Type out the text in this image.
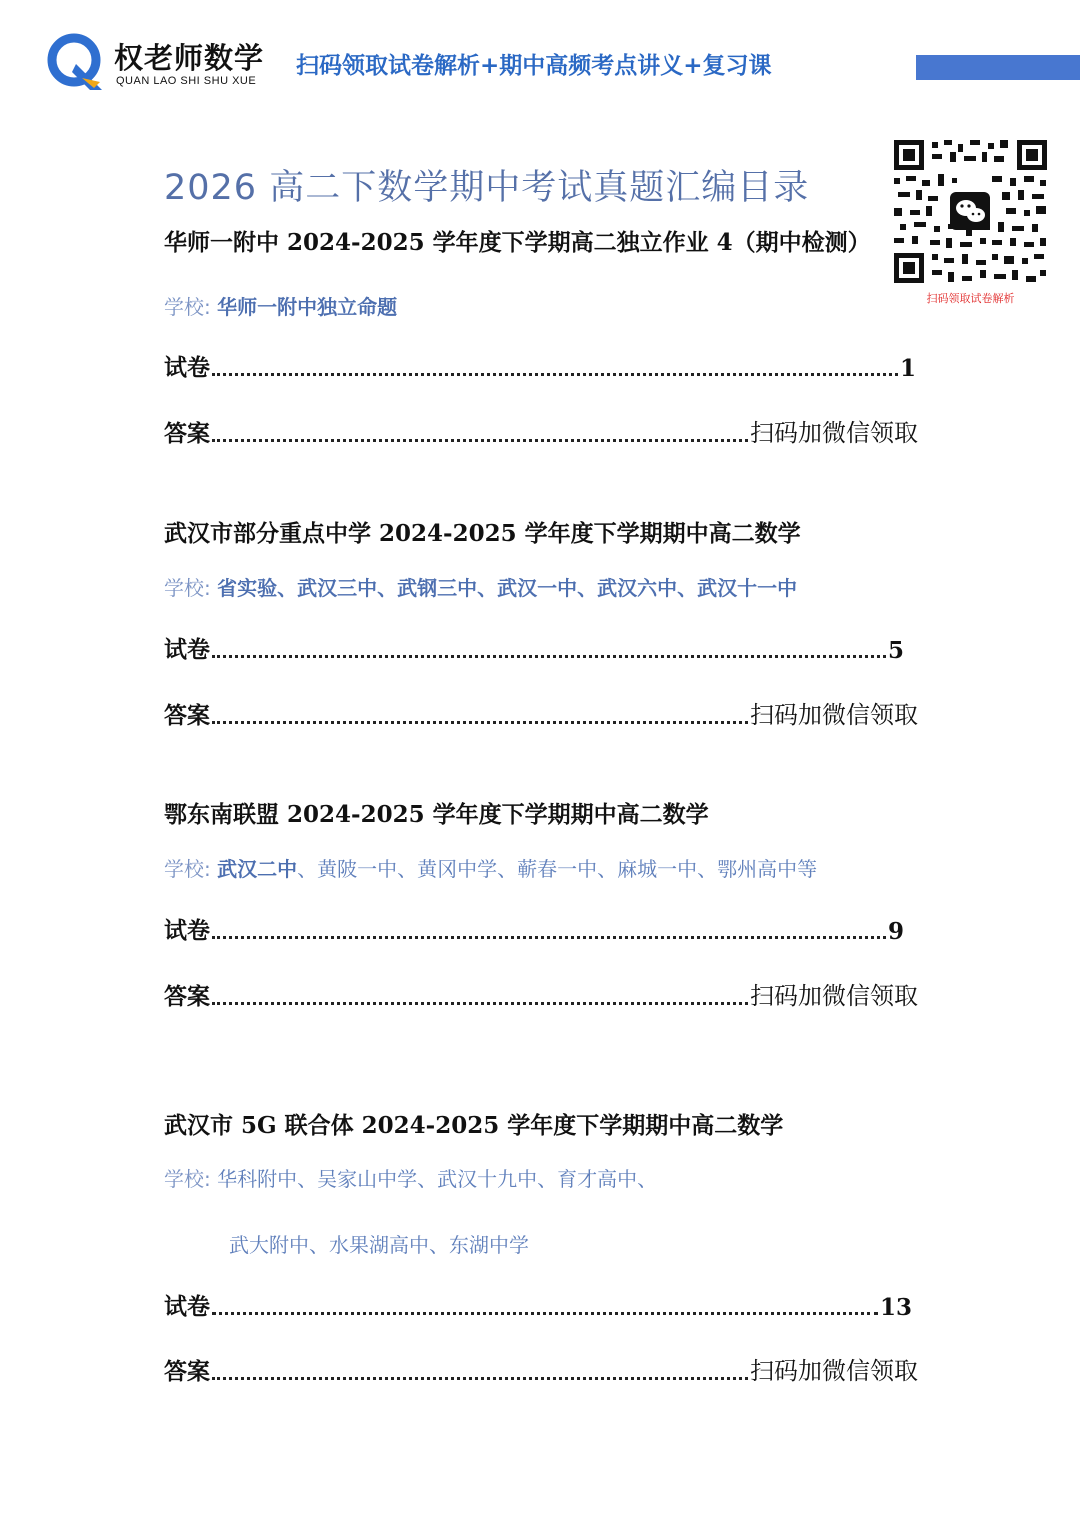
权老师数学
QUAN LAO SHI SHU XUE
扫码领取试卷解析+期中高频考点讲义+复习课
扫码领取试卷解析
2026 高二下数学期中考试真题汇编目录
华师一附中 2024-2025 学年度下学期高二独立作业 4（期中检测）
学校: 华师一附中独立命题
试卷	1
答案	扫码加微信领取
武汉市部分重点中学 2024-2025 学年度下学期期中高二数学
学校: 省实验、武汉三中、武钢三中、武汉一中、武汉六中、武汉十一中
试卷	5
答案	扫码加微信领取
鄂东南联盟 2024-2025 学年度下学期期中高二数学
学校: 武汉二中、黄陂一中、黄冈中学、蕲春一中、麻城一中、鄂州高中等
试卷	9
答案	扫码加微信领取
武汉市 5G 联合体 2024-2025 学年度下学期期中高二数学
学校: 华科附中、吴家山中学、武汉十九中、育才高中、
武大附中、水果湖高中、东湖中学
试卷	13
答案	扫码加微信领取
